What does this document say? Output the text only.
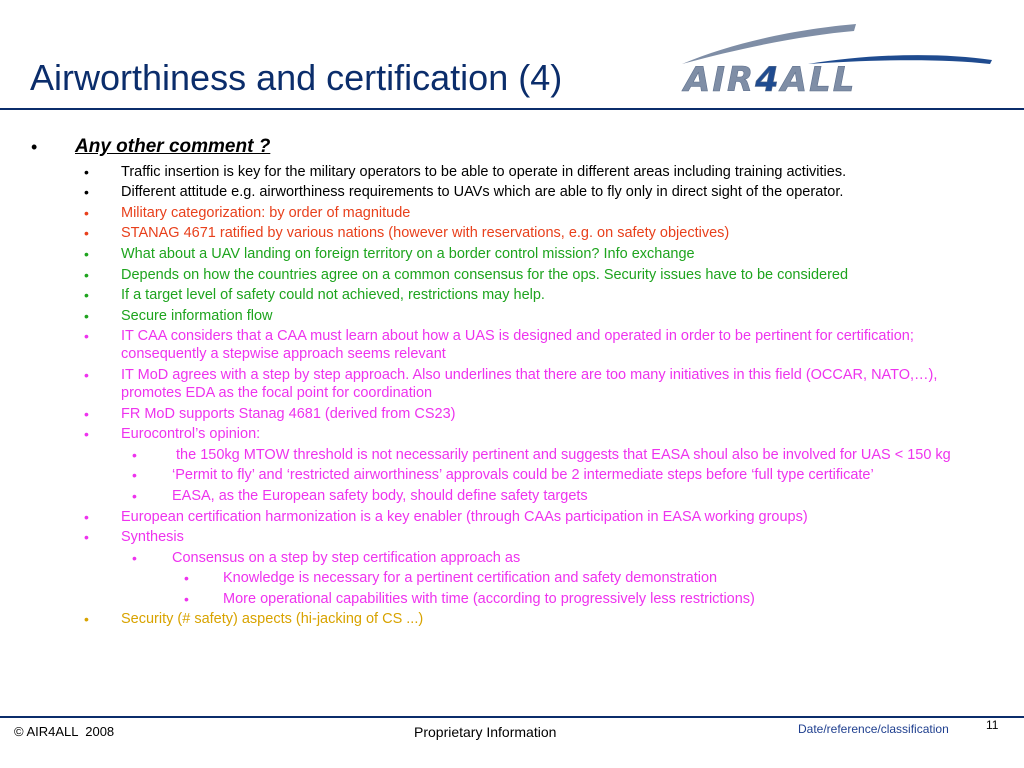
Airworthiness and certification (4)	AIR4ALL
• Any other comment ?
• Traffic insertion is key for the military operators to be able to operate in different areas including training activities.
• Different attitude e.g. airworthiness requirements to UAVs which are able to fly only in direct sight of the operator.
• Military categorization: by order of magnitude
• STANAG 4671 ratified by various nations (however with reservations, e.g. on safety objectives)
• What about a UAV landing on foreign territory on a border control mission? Info exchange
• Depends on how the countries agree on a common consensus for the ops. Security issues have to be considered
• If a target level of safety could not achieved, restrictions may help.
• Secure information flow
• IT CAA considers that a CAA must learn about how a UAS is designed and operated in order to be pertinent for certification; consequently a stepwise approach seems relevant
• IT MoD agrees with a step by step approach. Also underlines that there are too many initiatives in this field (OCCAR, NATO,…), promotes EDA as the focal point for coordination
• FR MoD supports Stanag 4681 (derived from CS23)
• Eurocontrol’s opinion:
• the 150kg MTOW threshold is not necessarily pertinent and suggests that EASA shoul also be involved for UAS < 150 kg
• ‘Permit to fly’ and ‘restricted airworthiness’ approvals could be 2 intermediate steps before ‘full type certificate’
• EASA, as the European safety body, should define safety targets
• European certification harmonization is a key enabler (through CAAs participation in EASA working groups)
• Synthesis
• Consensus on a step by step certification approach as
• Knowledge is necessary for a pertinent certification and safety demonstration
• More operational capabilities with time (according to progressively less restrictions)
• Security (# safety) aspects (hi-jacking of CS ...)
© AIR4ALL  2008	Proprietary Information	Date/reference/classification	11
